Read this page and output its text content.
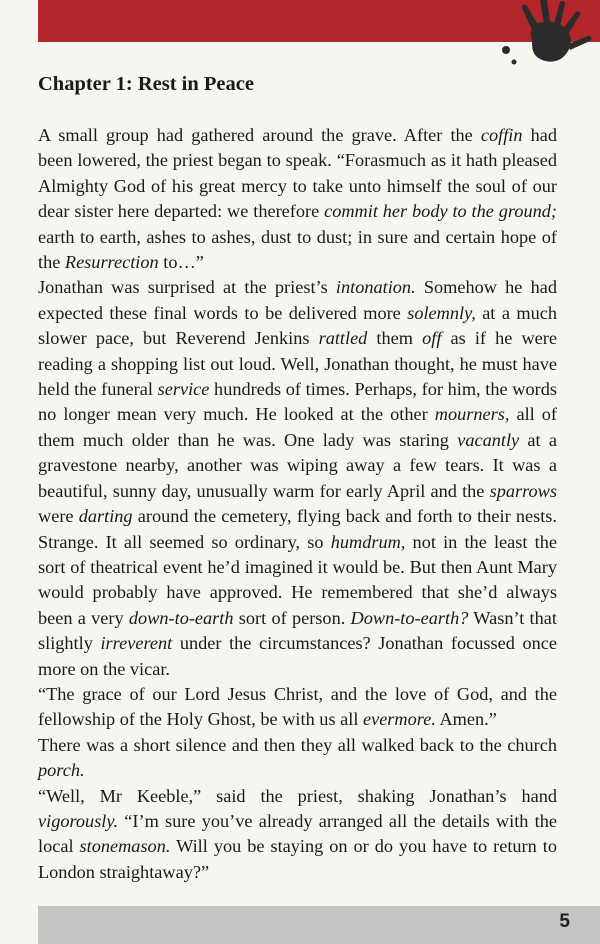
Chapter 1: Rest in Peace

A small group had gathered around the grave. After the coffin had been lowered, the priest began to speak. “Forasmuch as it hath pleased Almighty God of his great mercy to take unto himself the soul of our dear sister here departed: we therefore commit her body to the ground; earth to earth, ashes to ashes, dust to dust; in sure and certain hope of the Resurrection to…”

Jonathan was surprised at the priest’s intonation. Somehow he had expected these final words to be delivered more solemnly, at a much slower pace, but Reverend Jenkins rattled them off as if he were reading a shopping list out loud. Well, Jonathan thought, he must have held the funeral service hundreds of times. Perhaps, for him, the words no longer mean very much. He looked at the other mourners, all of them much older than he was. One lady was staring vacantly at a gravestone nearby, another was wiping away a few tears. It was a beautiful, sunny day, unusually warm for early April and the sparrows were darting around the cemetery, flying back and forth to their nests. Strange. It all seemed so ordinary, so humdrum, not in the least the sort of theatrical event he’d imagined it would be. But then Aunt Mary would probably have approved. He remembered that she’d always been a very down-to-earth sort of person. Down-to-earth? Wasn’t that slightly irreverent under the circumstances? Jonathan focussed once more on the vicar.

“The grace of our Lord Jesus Christ, and the love of God, and the fellowship of the Holy Ghost, be with us all evermore. Amen.”

There was a short silence and then they all walked back to the church porch.

“Well, Mr Keeble,” said the priest, shaking Jonathan’s hand vigorously. “I’m sure you’ve already arranged all the details with the local stonemason. Will you be staying on or do you have to return to London straightaway?”

5
